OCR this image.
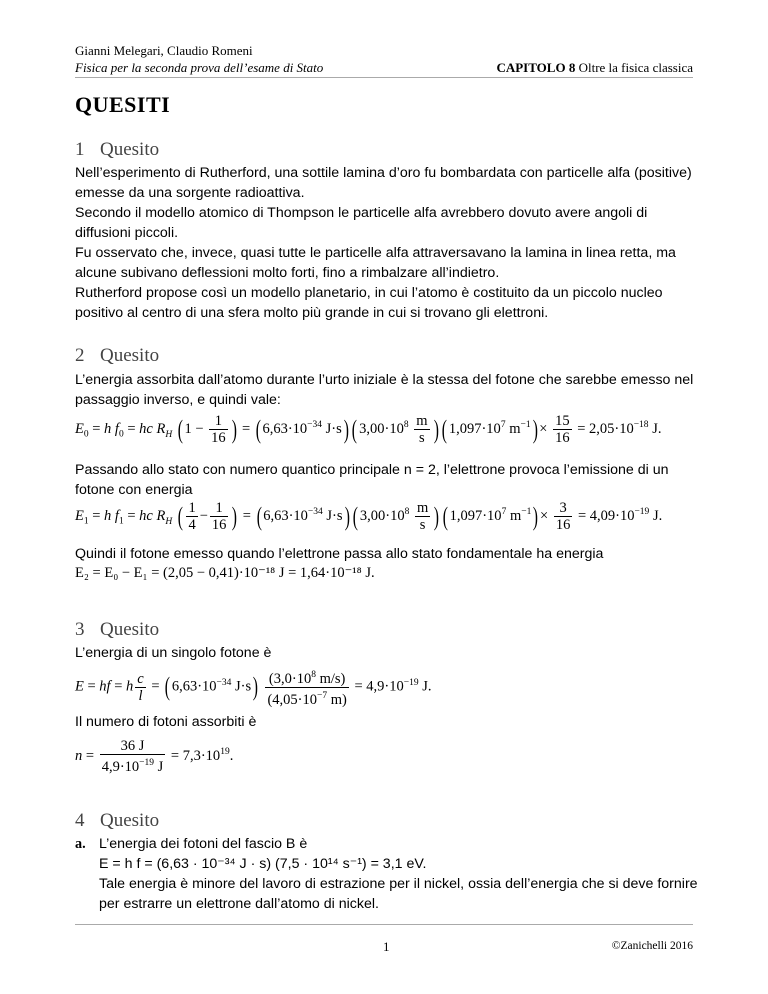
Gianni Melegari, Claudio Romeni
Fisica per la seconda prova dell’esame di Stato	CAPITOLO 8 Oltre la fisica classica
QUESITI
1 Quesito
Nell’esperimento di Rutherford, una sottile lamina d’oro fu bombardata con particelle alfa (positive)
emesse da una sorgente radioattiva.
Secondo il modello atomico di Thompson le particelle alfa avrebbero dovuto avere angoli di
diffusioni piccoli.
Fu osservato che, invece, quasi tutte le particelle alfa attraversavano la lamina in linea retta, ma
alcune subivano deflessioni molto forti, fino a rimbalzare all’indietro.
Rutherford propose così un modello planetario, in cui l’atomo è costituito da un piccolo nucleo
positivo al centro di una sfera molto più grande in cui si trovano gli elettroni.
2 Quesito
L’energia assorbita dall’atomo durante l’urto iniziale è la stessa del fotone che sarebbe emesso nel
passaggio inverso, e quindi vale:
$E_0 = h$ $f_0$ = hc $R_H$ ( $1 - \frac{1}{16}$ ) = ( $6,63\cdot 10^{-34}$ J·s) ( $3,00\cdot 10^8 \frac{m}{s}$ ) ( $1,097\cdot 10^7$ $m^{-1}) \times \frac{15}{16} = 2,05\cdot 10^{-18}$ J.
Passando allo stato con numero quantico principale n = 2, l’elettrone provoca l’emissione di un
fotone con energia
$E_1 = h$ $f_1$ = hc $R_H$ ( $\frac{1}{4} - \frac{1}{16}$ ) = ( $6,63\cdot 10^{-34}$ J·s) ( $3,00\cdot 10^8 \frac{m}{s}$ ) ( $1,097\cdot 10^7$ $m^{-1}) \times \frac{3}{16} = 4,09\cdot 10^{-19}$ J.
Quindi il fotone emesso quando l’elettrone passa allo stato fondamentale ha energia
E₂ = E₀ − E₁ = (2,05 − 0,41)·10⁻¹⁸ J = 1,64·10⁻¹⁸ J.
3 Quesito
L’energia di un singolo fotone è
E = hf = h $\frac{c}{l}$ = ( $6,63\cdot 10^{-34}$ $J\cdot s) \frac{(3,0\cdot 10^8 m/s)}{(4,05\cdot 10^{-7} m)} = 4,9\cdot 10^{-19}$ J.
Il numero di fotoni assorbiti è
$n = \frac{36 J}{4,9\cdot 10^{-19} J} = 7,3\cdot 10^{19}$.
4 Quesito
a. L’energia dei fotoni del fascio B è
E = h f = (6,63 · 10⁻³⁴ J · s) (7,5 · 10¹⁴ s⁻¹) = 3,1 eV.
Tale energia è minore del lavoro di estrazione per il nickel, ossia dell’energia che si deve fornire
per estrarre un elettrone dall’atomo di nickel.
1	©Zanichelli 2016
